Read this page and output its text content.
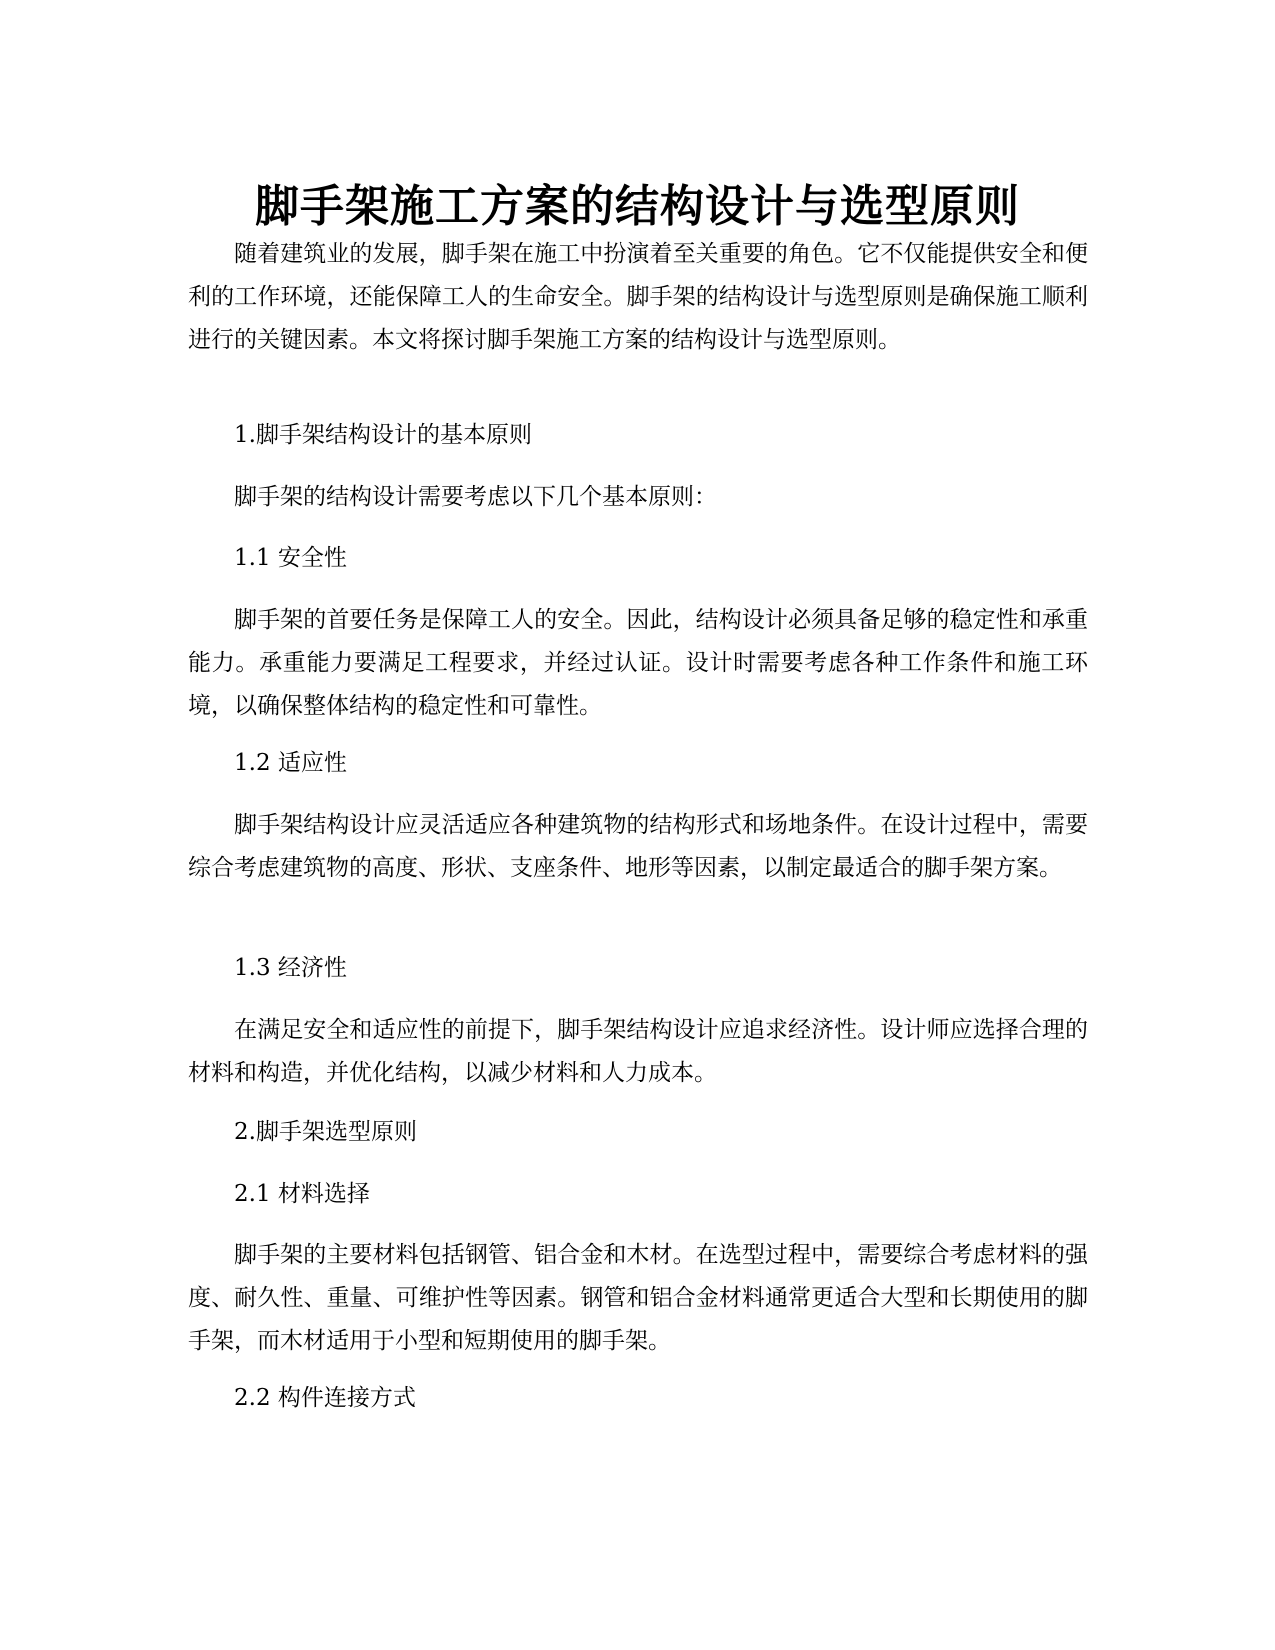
脚手架施工方案的结构设计与选型原则

随着建筑业的发展，脚手架在施工中扮演着至关重要的角色。它不仅能提供安全和便利的工作环境，还能保障工人的生命安全。脚手架的结构设计与选型原则是确保施工顺利进行的关键因素。本文将探讨脚手架施工方案的结构设计与选型原则。

1.脚手架结构设计的基本原则

脚手架的结构设计需要考虑以下几个基本原则：

1.1 安全性

脚手架的首要任务是保障工人的安全。因此，结构设计必须具备足够的稳定性和承重能力。承重能力要满足工程要求，并经过认证。设计时需要考虑各种工作条件和施工环境，以确保整体结构的稳定性和可靠性。

1.2 适应性

脚手架结构设计应灵活适应各种建筑物的结构形式和场地条件。在设计过程中，需要综合考虑建筑物的高度、形状、支座条件、地形等因素，以制定最适合的脚手架方案。

1.3 经济性

在满足安全和适应性的前提下，脚手架结构设计应追求经济性。设计师应选择合理的材料和构造，并优化结构，以减少材料和人力成本。

2.脚手架选型原则

2.1 材料选择

脚手架的主要材料包括钢管、铝合金和木材。在选型过程中，需要综合考虑材料的强度、耐久性、重量、可维护性等因素。钢管和铝合金材料通常更适合大型和长期使用的脚手架，而木材适用于小型和短期使用的脚手架。

2.2 构件连接方式
